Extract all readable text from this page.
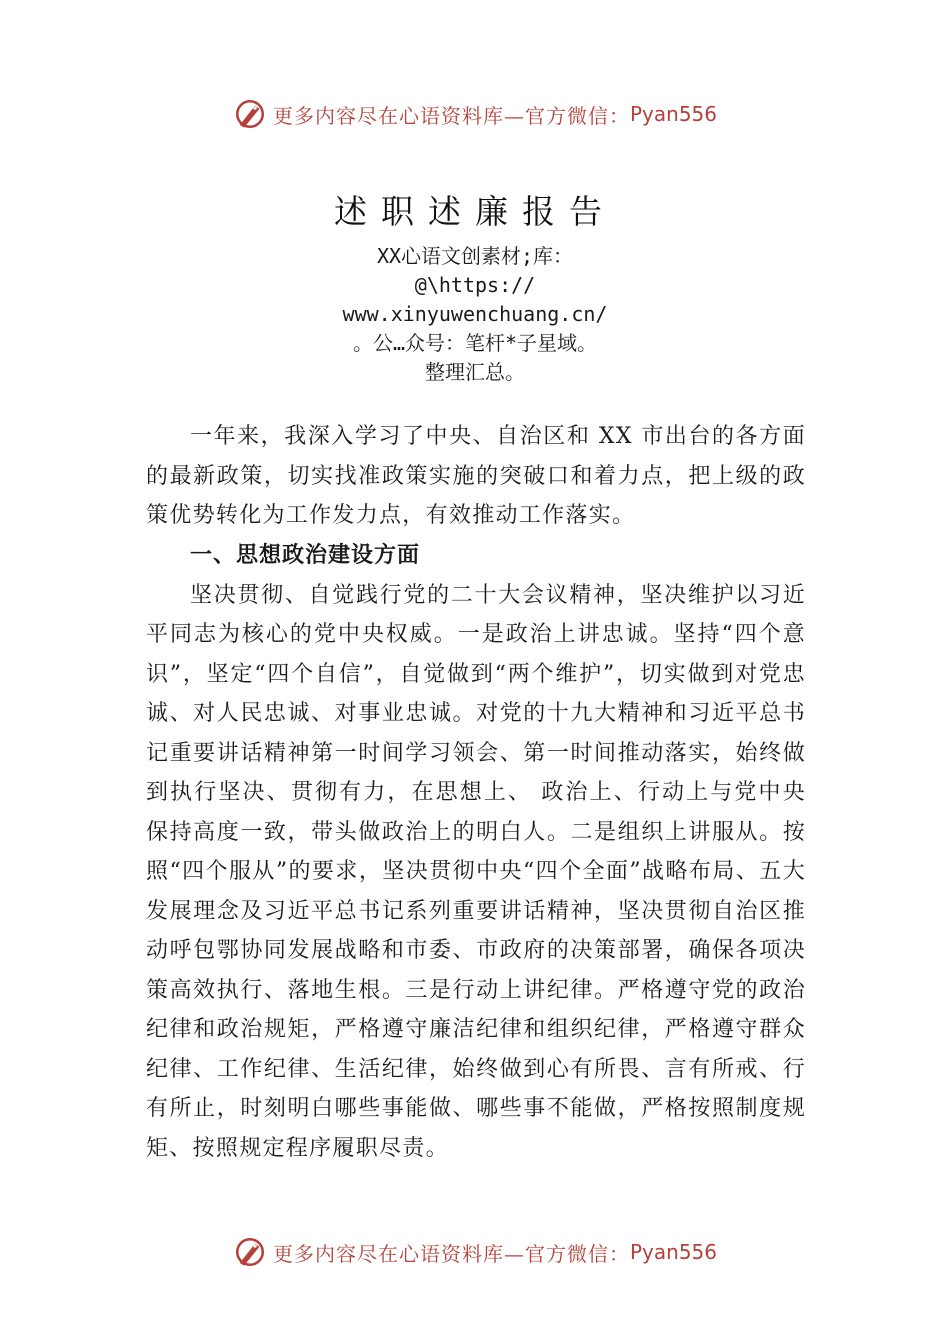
更多内容尽在心语资料库—官方微信： Pyan556
述职述廉报告
XX心语文创素材;库：
@\https://
www.xinyuwenchuang.cn/
。公…众号：笔杆*子星域。
整理汇总。

一年来，我深入学习了中央、自治区和 XX 市出台的各方面的最新政策，切实找准政策实施的突破口和着力点，把上级的政策优势转化为工作发力点，有效推动工作落实。

一、思想政治建设方面

坚决贯彻、自觉践行党的二十大会议精神，坚决维护以习近平同志为核心的党中央权威。一是政治上讲忠诚。坚持“四个意识”，坚定“四个自信”，自觉做到“两个维护”，切实做到对党忠诚、对人民忠诚、对事业忠诚。对党的十九大精神和习近平总书记重要讲话精神第一时间学习领会、第一时间推动落实，始终做到执行坚决、贯彻有力，在思想上、 政治上、行动上与党中央保持高度一致，带头做政治上的明白人。二是组织上讲服从。按照“四个服从”的要求，坚决贯彻中央“四个全面”战略布局、五大发展理念及习近平总书记系列重要讲话精神，坚决贯彻自治区推动呼包鄂协同发展战略和市委、市政府的决策部署，确保各项决策高效执行、落地生根。三是行动上讲纪律。严格遵守党的政治纪律和政治规矩，严格遵守廉洁纪律和组织纪律，严格遵守群众纪律、工作纪律、生活纪律，始终做到心有所畏、言有所戒、行有所止，时刻明白哪些事能做、哪些事不能做，严格按照制度规矩、按照规定程序履职尽责。

更多内容尽在心语资料库—官方微信： Pyan556
